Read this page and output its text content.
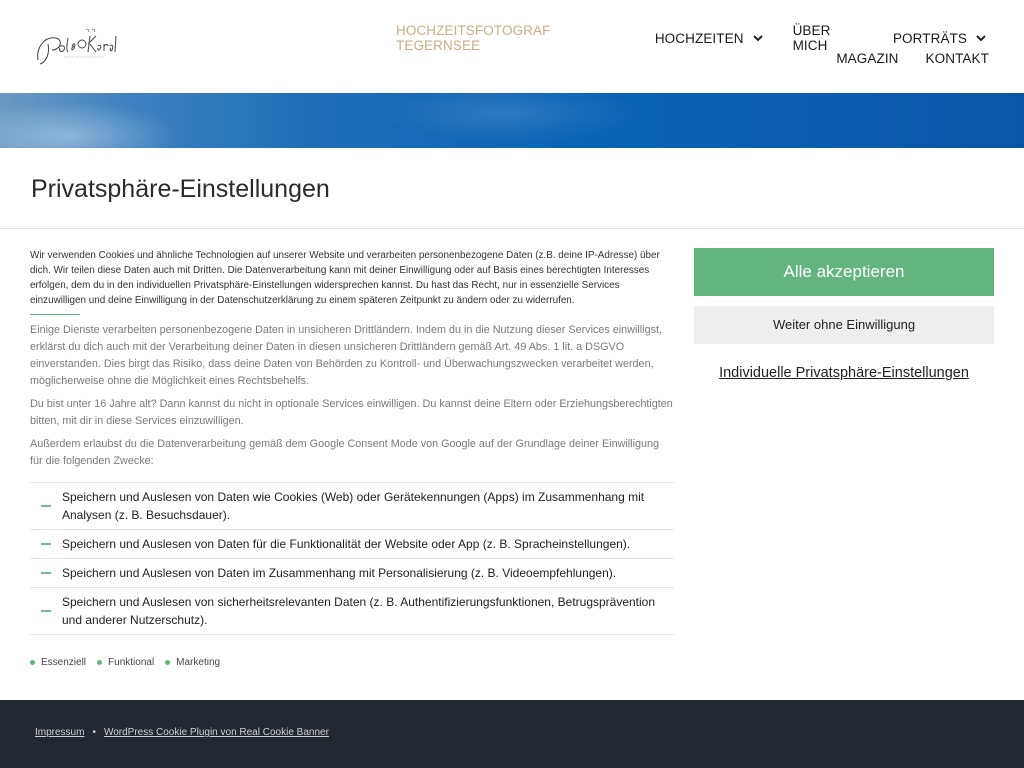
HOCHZEITSFOTOGRAF TEGERNSEE	HOCHZEITEN	ÜBER MICH	PORTRÄTS
MAGAZIN KONTAKT
Privatsphäre-Einstellungen

Wir verwenden Cookies und ähnliche Technologien auf unserer Website und verarbeiten personenbezogene Daten (z.B. deine IP-Adresse) über dich. Wir teilen diese Daten auch mit Dritten. Die Datenverarbeitung kann mit deiner Einwilligung oder auf Basis eines berechtigten Interesses erfolgen, dem du in den individuellen Privatsphäre-Einstellungen widersprechen kannst. Du hast das Recht, nur in essenzielle Services einzuwilligen und deine Einwilligung in der Datenschutzerklärung zu einem späteren Zeitpunkt zu ändern oder zu widerrufen.

Einige Dienste verarbeiten personenbezogene Daten in unsicheren Drittländern. Indem du in die Nutzung dieser Services einwilligst, erklärst du dich auch mit der Verarbeitung deiner Daten in diesen unsicheren Drittländern gemäß Art. 49 Abs. 1 lit. a DSGVO einverstanden. Dies birgt das Risiko, dass deine Daten von Behörden zu Kontroll- und Überwachungszwecken verarbeitet werden, möglicherweise ohne die Möglichkeit eines Rechtsbehelfs.

Du bist unter 16 Jahre alt? Dann kannst du nicht in optionale Services einwilligen. Du kannst deine Eltern oder Erziehungsberechtigten bitten, mit dir in diese Services einzuwilligen.

Außerdem erlaubst du die Datenverarbeitung gemäß dem Google Consent Mode von Google auf der Grundlage deiner Einwilligung für die folgenden Zwecke:

Speichern und Auslesen von Daten wie Cookies (Web) oder Gerätekennungen (Apps) im Zusammenhang mit Analysen (z. B. Besuchsdauer).
Speichern und Auslesen von Daten für die Funktionalität der Website oder App (z. B. Spracheinstellungen).
Speichern und Auslesen von Daten im Zusammenhang mit Personalisierung (z. B. Videoempfehlungen).
Speichern und Auslesen von sicherheitsrelevanten Daten (z. B. Authentifizierungsfunktionen, Betrugsprävention und anderer Nutzerschutz).
Essenziell Funktional Marketing
Alle akzeptieren
Weiter ohne Einwilligung
Individuelle Privatsphäre-Einstellungen
Impressum • WordPress Cookie Plugin von Real Cookie Banner
